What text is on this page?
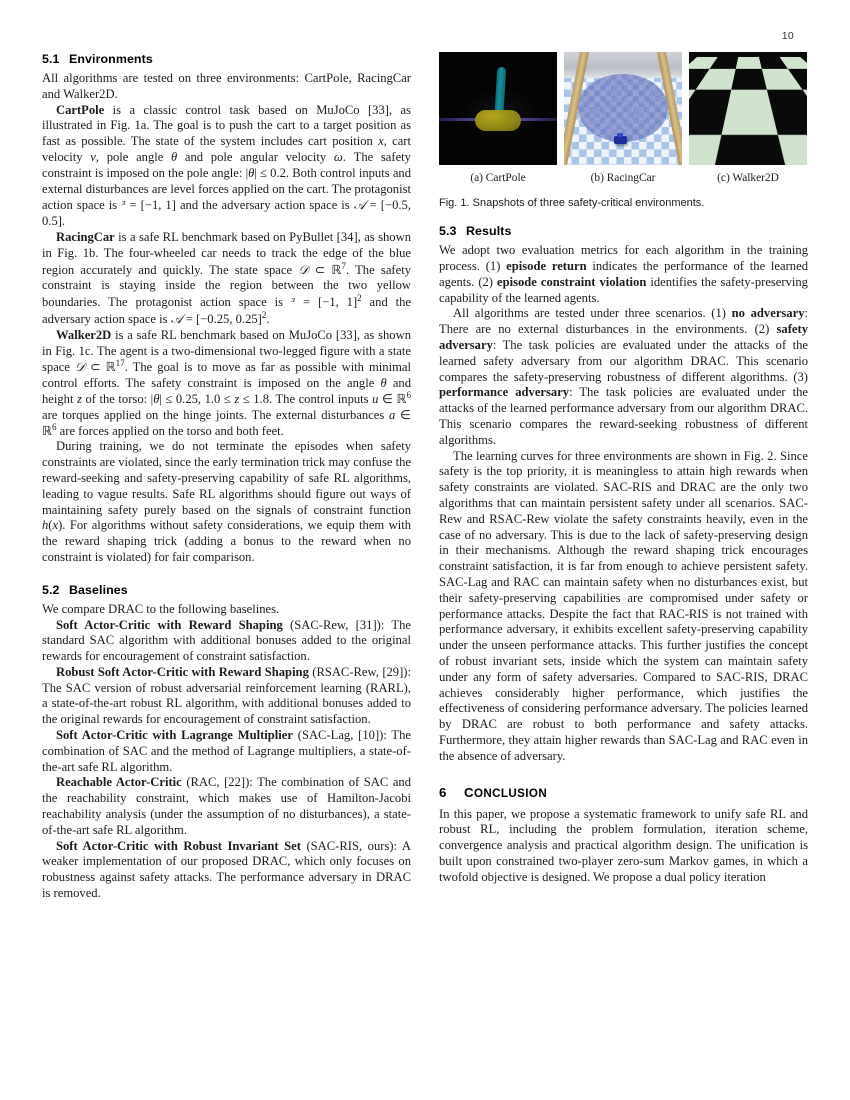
10
5.1 Environments

All algorithms are tested on three environments: CartPole, RacingCar and Walker2D.

CartPole is a classic control task based on MuJoCo [33], as illustrated in Fig. 1a. The goal is to push the cart to a target position as fast as possible. The state of the system includes cart position x, cart velocity v, pole angle θ and pole angular velocity ω. The safety constraint is imposed on the pole angle: |θ| ≤ 0.2. Both control inputs and external disturbances are level forces applied on the cart. The protagonist action space is ᵌ = [−1, 1] and the adversary action space is 𝒜 = [−0.5, 0.5].

RacingCar is a safe RL benchmark based on PyBullet [34], as shown in Fig. 1b. The four-wheeled car needs to track the edge of the blue region accurately and quickly. The state space 𝒟 ⊂ ℝ$^7$. The safety constraint is staying inside the region between the two yellow boundaries. The protagonist action space is ᵌ = [−1, 1]$^2$ and the adversary action space is 𝒜 = [−0.25, 0.25]$^2$.

Walker2D is a safe RL benchmark based on MuJoCo [33], as shown in Fig. 1c. The agent is a two-dimensional two-legged figure with a state space 𝒟 ⊂ ℝ$^{17}$. The goal is to move as far as possible with minimal control efforts. The safety constraint is imposed on the angle θ and height z of the torso: |θ| ≤ 0.25, 1.0 ≤ z ≤ 1.8. The control inputs u ∈ ℝ$^6$ are torques applied on the hinge joints. The external disturbances a ∈ ℝ$^6$ are forces applied on the torso and both feet.

During training, we do not terminate the episodes when safety constraints are violated, since the early termination trick may confuse the reward-seeking and safety-preserving capability of safe RL algorithms, leading to vague results. Safe RL algorithms should figure out ways of maintaining safety purely based on the signals of constraint function h(x). For algorithms without safety considerations, we equip them with the reward shaping trick (adding a bonus to the reward when no constraint is violated) for fair comparison.

5.2 Baselines

We compare DRAC to the following baselines.

Soft Actor-Critic with Reward Shaping (SAC-Rew, [31]): The standard SAC algorithm with additional bonuses added to the original rewards for encouragement of constraint satisfaction.

Robust Soft Actor-Critic with Reward Shaping (RSAC-Rew, [29]): The SAC version of robust adversarial reinforcement learning (RARL), a state-of-the-art robust RL algorithm, with additional bonuses added to the original rewards for encouragement of constraint satisfaction.

Soft Actor-Critic with Lagrange Multiplier (SAC-Lag, [10]): The combination of SAC and the method of Lagrange multipliers, a state-of-the-art safe RL algorithm.

Reachable Actor-Critic (RAC, [22]): The combination of SAC and the reachability constraint, which makes use of Hamilton-Jacobi reachability analysis (under the assumption of no disturbances), a state-of-the-art safe RL algorithm.

Soft Actor-Critic with Robust Invariant Set (SAC-RIS, ours): A weaker implementation of our proposed DRAC, which only focuses on robustness against safety attacks. The performance adversary in DRAC is removed.

(a) CartPole	(b) RacingCar	(c) Walker2D
Fig. 1. Snapshots of three safety-critical environments.
5.3 Results

We adopt two evaluation metrics for each algorithm in the training process. (1) episode return indicates the performance of the learned agents. (2) episode constraint violation identifies the safety-preserving capability of the learned agents.

All algorithms are tested under three scenarios. (1) no adversary: There are no external disturbances in the environments. (2) safety adversary: The task policies are evaluated under the attacks of the learned safety adversary from our algorithm DRAC. This scenario compares the safety-preserving robustness of different algorithms. (3) performance adversary: The task policies are evaluated under the attacks of the learned performance adversary from our algorithm DRAC. This scenario compares the reward-seeking robustness of different algorithms.

The learning curves for three environments are shown in Fig. 2. Since safety is the top priority, it is meaningless to attain high rewards when safety constraints are violated. SAC-RIS and DRAC are the only two algorithms that can maintain persistent safety under all scenarios. SAC-Rew and RSAC-Rew violate the safety constraints heavily, even in the case of no adversary. This is due to the lack of safety-preserving design in their mechanisms. Although the reward shaping trick encourages constraint satisfaction, it is far from enough to achieve persistent safety. SAC-Lag and RAC can maintain safety when no disturbances exist, but their safety-preserving capabilities are compromised under safety or performance attacks. Despite the fact that RAC-RIS is not trained with performance adversary, it exhibits excellent safety-preserving capability under the unseen performance attacks. This further justifies the concept of robust invariant sets, inside which the system can maintain safety under any form of safety adversaries. Compared to SAC-RIS, DRAC achieves considerably higher performance, which justifies the effectiveness of considering performance adversary. The policies learned by DRAC are robust to both performance and safety attacks. Furthermore, they attain higher rewards than SAC-Lag and RAC even in the absence of adversary.

6 CONCLUSION

In this paper, we propose a systematic framework to unify safe RL and robust RL, including the problem formulation, iteration scheme, convergence analysis and practical algorithm design. The unification is built upon constrained two-player zero-sum Markov games, in which a twofold objective is designed. We propose a dual policy iteration
